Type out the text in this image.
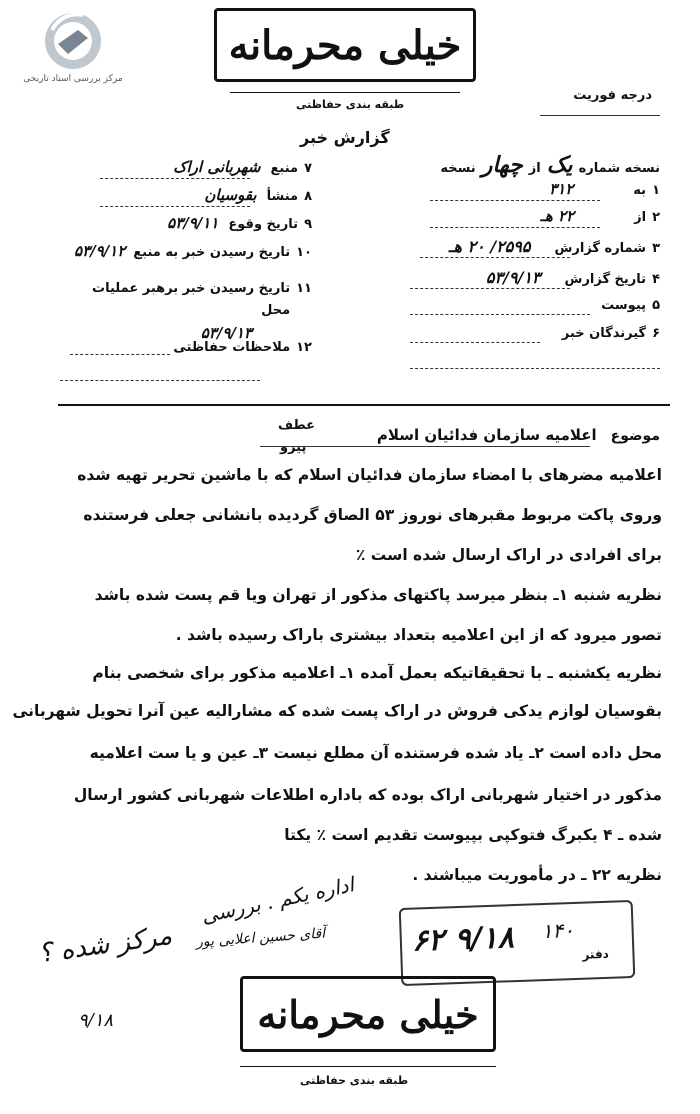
مرکز بررسی اسناد تاریخی
خیلی محرمانه
طبقه بندی حفاظتی
درجه فوریت
گزارش خبر
نسخه شماره
یک
از
چهار
نسخه
۱
به
۳۱۲
۲
از
۲۲ هـ
۳
شماره گزارش
۲۵۹۵/ ۲۰ هـ
۴
تاریخ گزارش
۵۳/۹/۱۳
۵
پیوست
۶
گیرندگان خبر
۷
منبع
شهربانی اراک
۸
منشأ
بقوسیان
۹
تاریخ وقوع
۵۳/۹/۱۱
۱۰
تاریخ رسیدن خبر به منبع
۵۳/۹/۱۲
۱۱
تاریخ رسیدن خبر برهبر عملیات محل
۵۳/۹/۱۳
۱۲
ملاحظات حفاظتی
موضوع
اعلامیه سازمان فدائیان اسلام
عطف
پیرو
اعلامیه مضرهای با امضاء سازمان فدائیان اسلام که با ماشین تحریر تهیه شده
وروی پاکت مربوط مقبرهای نوروز ۵۳ الصاق گردیده بانشانی جعلی فرستنده
برای افرادی در اراک ارسال شده است ٪
نظریه شنبه ۱ـ بنظر میرسد پاکتهای مذکور از تهران ویا قم پست شده باشد
تصور میرود که از این اعلامیه بتعداد بیشتری باراک رسیده باشد .
نظریه یکشنبه ـ با تحقیقاتیکه بعمل آمده ۱ـ اعلامیه مذکور برای شخصی بنام
بقوسیان لوازم یدکی فروش در اراک پست شده که مشارالیه عین آنرا تحویل شهربانی
محل داده است ۲ـ یاد شده فرستنده آن مطلع نیست ۳ـ عین و یا ست اعلامیه
مذکور در اختیار شهربانی اراک بوده که باداره اطلاعات شهربانی کشور ارسال
شده ـ ۴ یکبرگ فتوکپی بپیوست تقدیم است ٪ یکتا
نظریه ۲۲ ـ در مأموریت میباشند .
اداره یکم . بررسی
آقای حسین اعلایی پور
مرکز شده ؟
۹/۱۸
۱۴۰
۶۲ ۹/۱۸	دفتر
خیلی محرمانه
طبقه بندی حفاظتی
